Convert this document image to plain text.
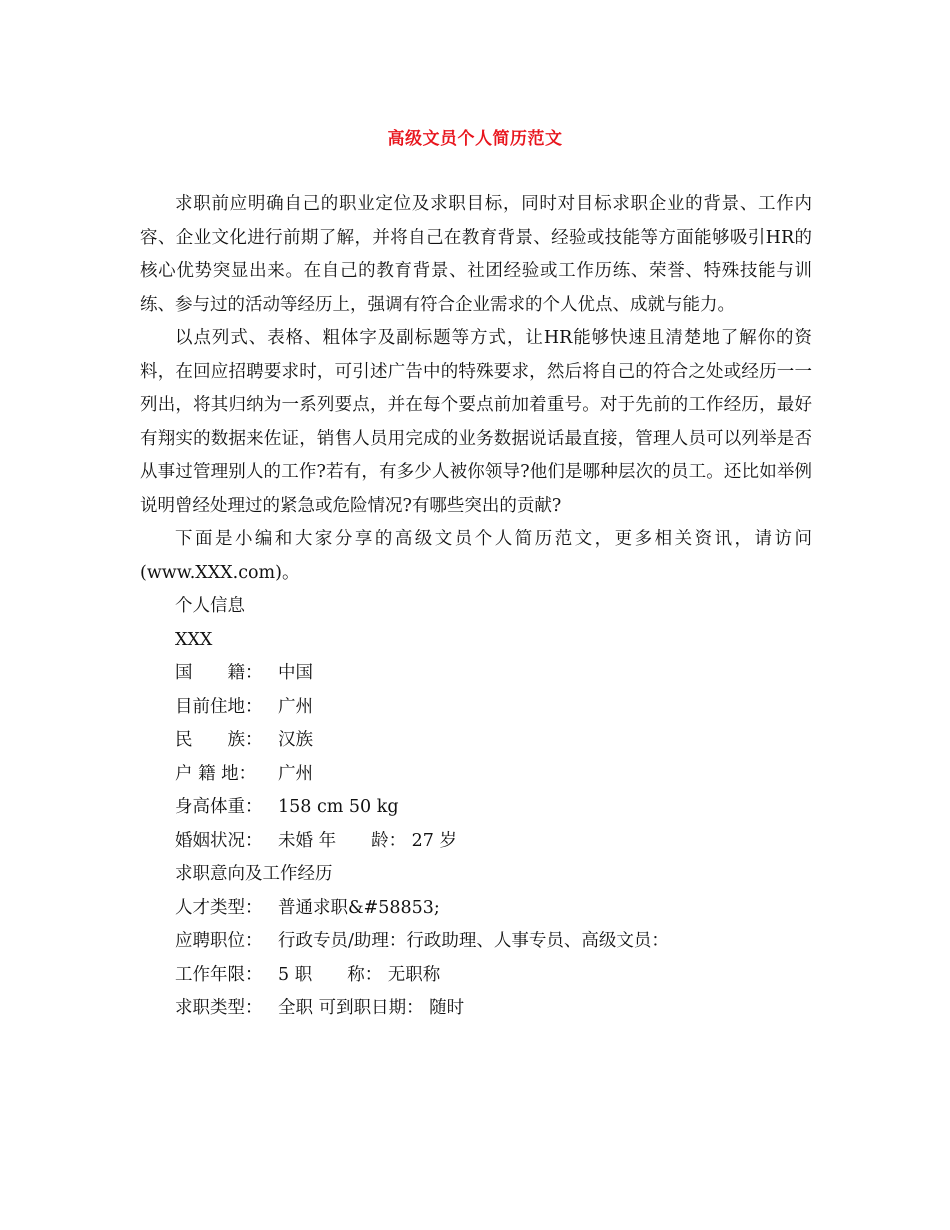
高级文员个人简历范文

求职前应明确自己的职业定位及求职目标，同时对目标求职企业的背景、工作内容、企业文化进行前期了解，并将自己在教育背景、经验或技能等方面能够吸引HR的核心优势突显出来。在自己的教育背景、社团经验或工作历练、荣誉、特殊技能与训练、参与过的活动等经历上，强调有符合企业需求的个人优点、成就与能力。

以点列式、表格、粗体字及副标题等方式，让HR能够快速且清楚地了解你的资料，在回应招聘要求时，可引述广告中的特殊要求，然后将自己的符合之处或经历一一列出，将其归纳为一系列要点，并在每个要点前加着重号。对于先前的工作经历，最好有翔实的数据来佐证，销售人员用完成的业务数据说话最直接，管理人员可以列举是否从事过管理别人的工作?若有，有多少人被你领导?他们是哪种层次的员工。还比如举例说明曾经处理过的紧急或危险情况?有哪些突出的贡献?

下面是小编和大家分享的高级文员个人简历范文，更多相关资讯，请访问(www.XXX.com)。

个人信息

XXX

国　　籍： 中国

目前住地： 广州

民　　族： 汉族

户 籍 地： 广州

身高体重： 158 cm 50 kg

婚姻状况： 未婚 年　　龄： 27 岁

求职意向及工作经历

人才类型： 普通求职&#58853;

应聘职位： 行政专员/助理：行政助理、人事专员、高级文员：

工作年限： 5 职　　称： 无职称

求职类型： 全职 可到职日期： 随时
